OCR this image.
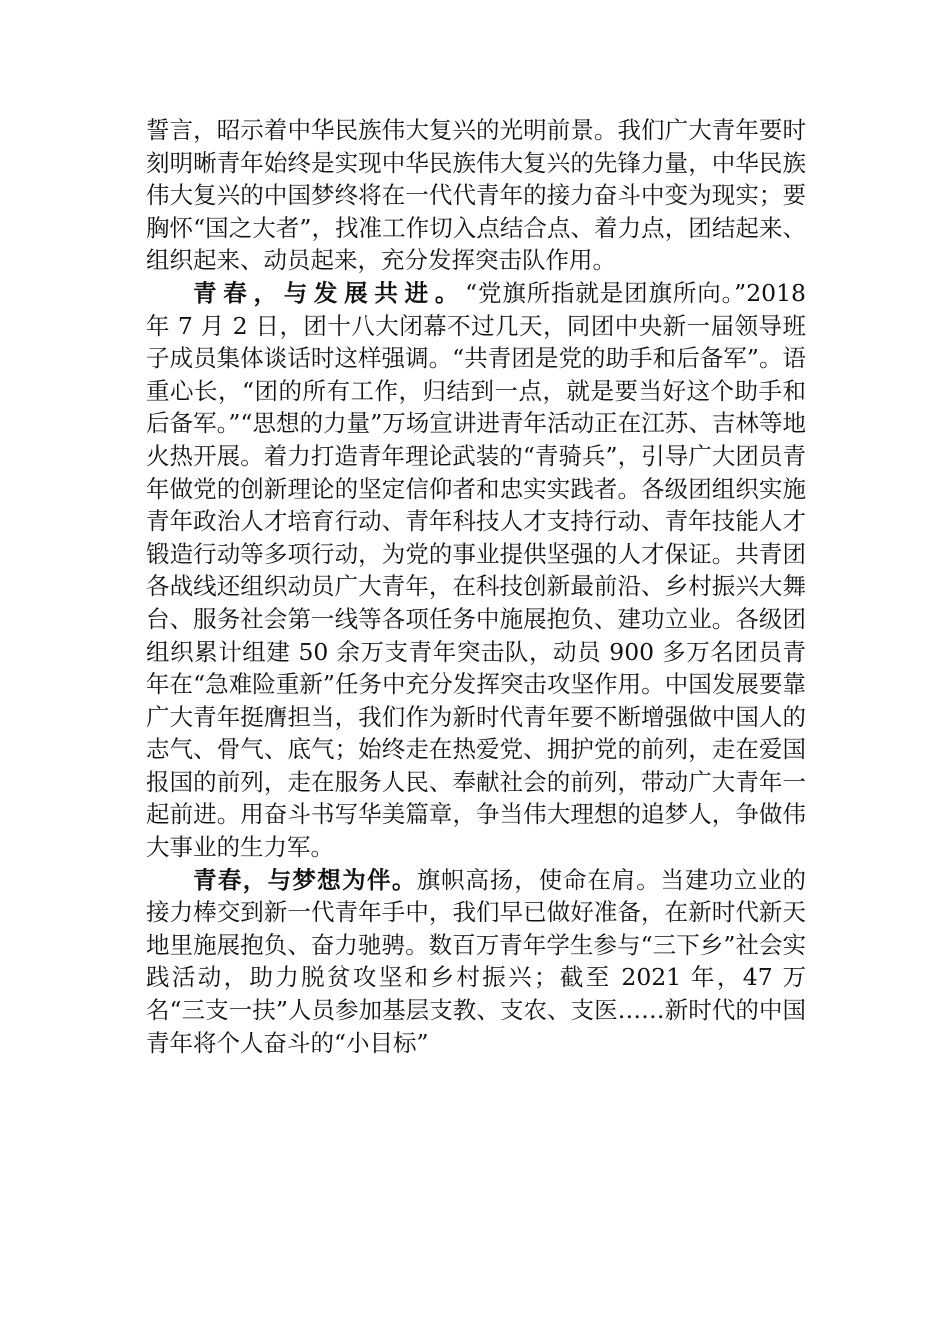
誓言，昭示着中华民族伟大复兴的光明前景。我们广大青年要时刻明晰青年始终是实现中华民族伟大复兴的先锋力量，中华民族伟大复兴的中国梦终将在一代代青年的接力奋斗中变为现实；要胸怀“国之大者”，找准工作切入点结合点、着力点，团结起来、组织起来、动员起来，充分发挥突击队作用。

青春，与发展共进。“党旗所指就是团旗所向。”2018 年 7 月 2 日，团十八大闭幕不过几天，同团中央新一届领导班子成员集体谈话时这样强调。“共青团是党的助手和后备军”。语重心长，“团的所有工作，归结到一点，就是要当好这个助手和后备军。”“思想的力量”万场宣讲进青年活动正在江苏、吉林等地火热开展。着力打造青年理论武装的“青骑兵”，引导广大团员青年做党的创新理论的坚定信仰者和忠实实践者。各级团组织实施青年政治人才培育行动、青年科技人才支持行动、青年技能人才锻造行动等多项行动，为党的事业提供坚强的人才保证。共青团各战线还组织动员广大青年，在科技创新最前沿、乡村振兴大舞台、服务社会第一线等各项任务中施展抱负、建功立业。各级团组织累计组建 50 余万支青年突击队，动员 900 多万名团员青年在“急难险重新”任务中充分发挥突击攻坚作用。中国发展要靠广大青年挺膺担当，我们作为新时代青年要不断增强做中国人的志气、骨气、底气；始终走在热爱党、拥护党的前列，走在爱国报国的前列，走在服务人民、奉献社会的前列，带动广大青年一起前进。用奋斗书写华美篇章，争当伟大理想的追梦人，争做伟大事业的生力军。

青春，与梦想为伴。旗帜高扬，使命在肩。当建功立业的接力棒交到新一代青年手中，我们早已做好准备，在新时代新天地里施展抱负、奋力驰骋。数百万青年学生参与“三下乡”社会实践活动，助力脱贫攻坚和乡村振兴；截至 2021 年，47 万名“三支一扶”人员参加基层支教、支农、支医……新时代的中国青年将个人奋斗的“小目标”
